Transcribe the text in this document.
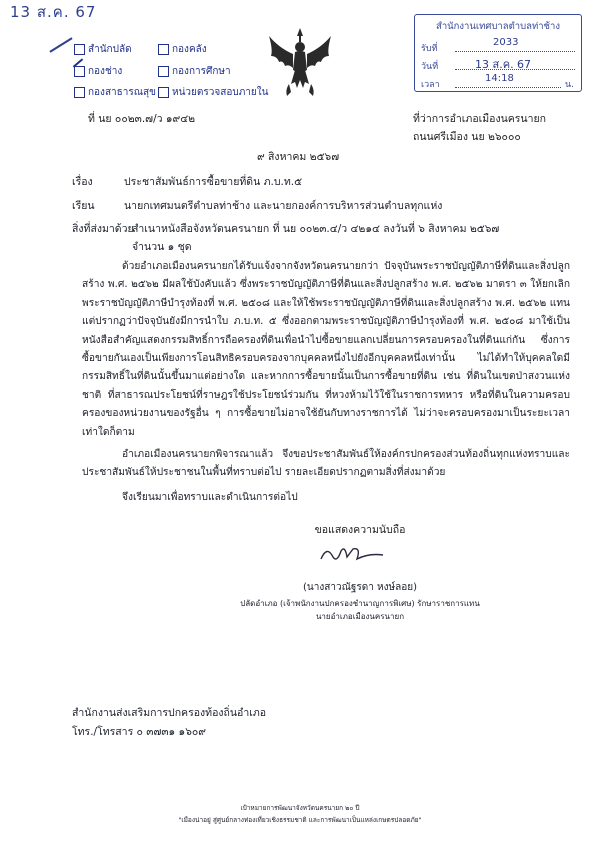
13 ส.ค. 67
สำนักปลัด	กองคลัง
กองช่าง	กองการศึกษา
กองสาธารณสุข หน่วยตรวจสอบภายใน
สำนักงานเทศบาลตำบลท่าช้าง
รับที่
2033
วันที่	13 ส.ค. 67
เวลา
14:18
น.
ที่ นย ๐๐๒๓.๗/ว ๑๙๔๒	ที่ว่าการอำเภอเมืองนครนายก
ถนนศรีเมือง นย ๒๖๐๐๐
๙ สิงหาคม ๒๕๖๗
เรื่อง	ประชาสัมพันธ์การซื้อขายที่ดิน ภ.บ.ท.๕
เรียน	นายกเทศมนตรีตำบลท่าช้าง และนายกองค์การบริหารส่วนตำบลทุกแห่ง
สิ่งที่ส่งมาด้วย
สำเนาหนังสือจังหวัดนครนายก ที่ นย ๐๐๒๓.๔/ว ๔๒๑๔ ลงวันที่ ๖ สิงหาคม ๒๕๖๗
จำนวน ๑ ชุด
ด้วยอำเภอเมืองนครนายกได้รับแจ้งจากจังหวัดนครนายกว่า ปัจจุบันพระราชบัญญัติภาษีที่ดินและสิ่งปลูกสร้าง พ.ศ. ๒๕๖๒ มีผลใช้บังคับแล้ว ซึ่งพระราชบัญญัติภาษีที่ดินและสิ่งปลูกสร้าง พ.ศ. ๒๕๖๒ มาตรา ๓ ให้ยกเลิกพระราชบัญญัติภาษีบำรุงท้องที่ พ.ศ. ๒๕๐๘ และให้ใช้พระราชบัญญัติภาษีที่ดินและสิ่งปลูกสร้าง พ.ศ. ๒๕๖๒ แทน แต่ปรากฏว่าปัจจุบันยังมีการนำใบ ภ.บ.ท. ๕ ซึ่งออกตามพระราชบัญญัติภาษีบำรุงท้องที่ พ.ศ. ๒๕๐๘ มาใช้เป็นหนังสือสำคัญแสดงกรรมสิทธิ์การถือครองที่ดินเพื่อนำไปซื้อขายแลกเปลี่ยนการครอบครองในที่ดินแก่กัน ซึ่งการซื้อขายกันเองเป็นเพียงการโอนสิทธิครอบครองจากบุคคลหนึ่งไปยังอีกบุคคลหนึ่งเท่านั้น ไม่ได้ทำให้บุคคลใดมีกรรมสิทธิ์ในที่ดินนั้นขึ้นมาแต่อย่างใด และหากการซื้อขายนั้นเป็นการซื้อขายที่ดิน เช่น ที่ดินในเขตป่าสงวนแห่งชาติ ที่สาธารณประโยชน์ที่ราษฎรใช้ประโยชน์ร่วมกัน ที่หวงห้ามไว้ใช้ในราชการทหาร หรือที่ดินในความครอบครองของหน่วยงานของรัฐอื่น ๆ การซื้อขายไม่อาจใช้ยันกับทางราชการได้ ไม่ว่าจะครอบครองมาเป็นระยะเวลาเท่าใดก็ตาม
อำเภอเมืองนครนายกพิจารณาแล้ว จึงขอประชาสัมพันธ์ให้องค์กรปกครองส่วนท้องถิ่นทุกแห่งทราบและประชาสัมพันธ์ให้ประชาชนในพื้นที่ทราบต่อไป รายละเอียดปรากฏตามสิ่งที่ส่งมาด้วย
จึงเรียนมาเพื่อทราบและดำเนินการต่อไป
ขอแสดงความนับถือ
(นางสาวณัฐรดา หงษ์ลอย)
ปลัดอำเภอ (เจ้าพนักงานปกครองชำนาญการพิเศษ) รักษาราชการแทน
นายอำเภอเมืองนครนายก
สำนักงานส่งเสริมการปกครองท้องถิ่นอำเภอ
โทร./โทรสาร ๐ ๓๗๓๑ ๑๖๐๙
เป้าหมายการพัฒนาจังหวัดนครนายก ๒๐ ปี
"เมืองน่าอยู่ สู่ศูนย์กลางท่องเที่ยวเชิงธรรมชาติ และการพัฒนาเป็นแหล่งเกษตรปลอดภัย"
